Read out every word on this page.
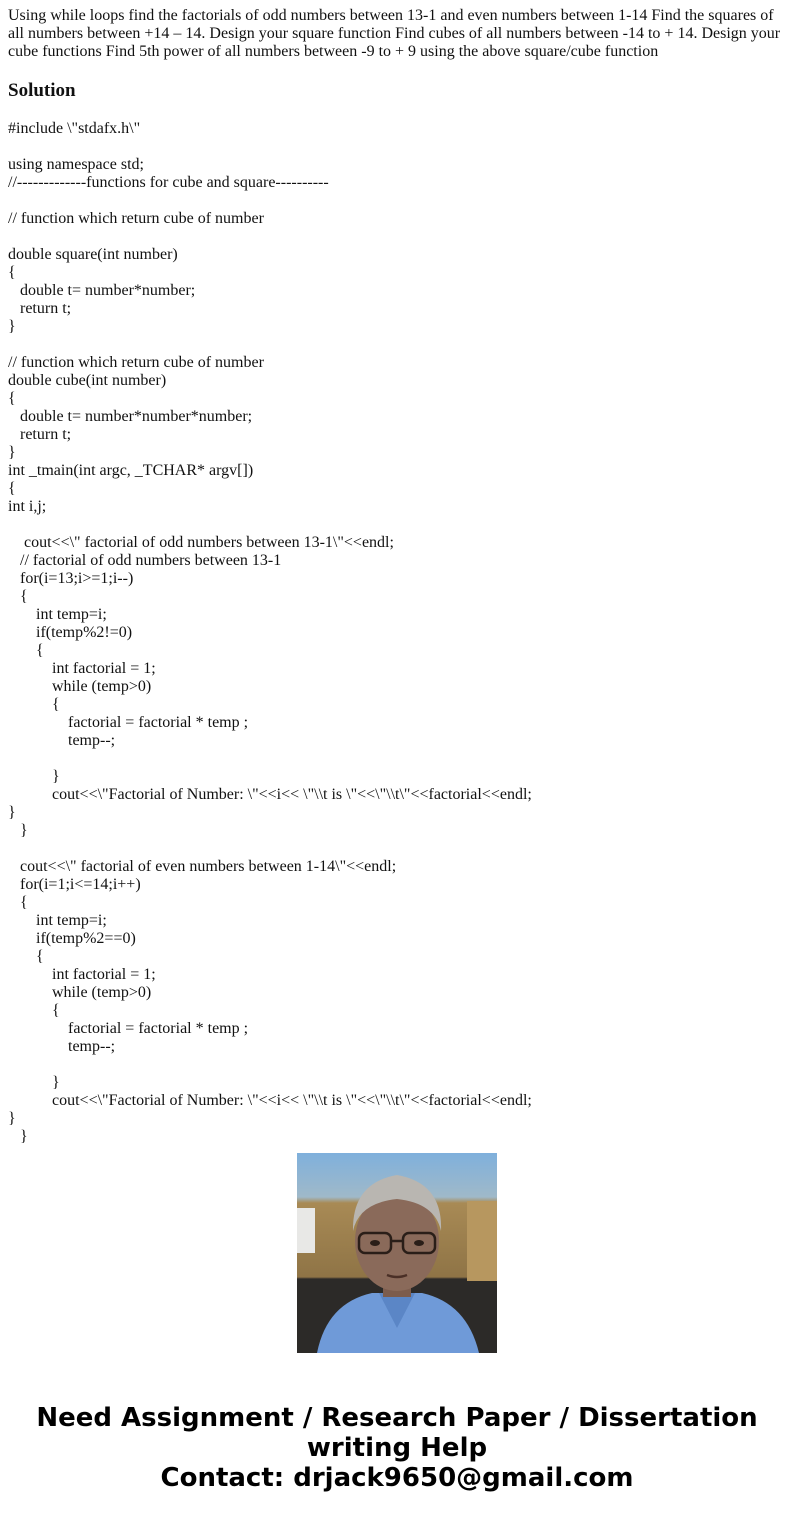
Using while loops find the factorials of odd numbers between 13-1 and even numbers between 1-14 Find the squares of all numbers between +14 – 14. Design your square function Find cubes of all numbers between -14 to + 14. Design your cube functions Find 5th power of all numbers between -9 to + 9 using the above square/cube function

Solution
#include \"stdafx.h\"
using namespace std;
//-------------functions for cube and square----------
// function which return cube of number
double square(int number)
{
double t= number*number;
return t;
}
// function which return cube of number
double cube(int number)
{
double t= number*number*number;
return t;
}
int _tmain(int argc, _TCHAR* argv[])
{
int i,j;
cout<<\" factorial of odd numbers between 13-1\"<<endl;
// factorial of odd numbers between 13-1
for(i=13;i>=1;i--)
{
int temp=i;
if(temp%2!=0)
{
int factorial = 1;
while (temp>0)
{
factorial = factorial * temp ;
temp--;
}
cout<<\"Factorial of Number: \"<<i<< \"\\t is \"<<\"\\t\"<<factorial<<endl;
}
}
cout<<\" factorial of even numbers between 1-14\"<<endl;
for(i=1;i<=14;i++)
{
int temp=i;
if(temp%2==0)
{
int factorial = 1;
while (temp>0)
{
factorial = factorial * temp ;
temp--;
}
cout<<\"Factorial of Number: \"<<i<< \"\\t is \"<<\"\\t\"<<factorial<<endl;
}
}
Need Assignment / Research Paper / Dissertation
writing Help
Contact: drjack9650@gmail.com
